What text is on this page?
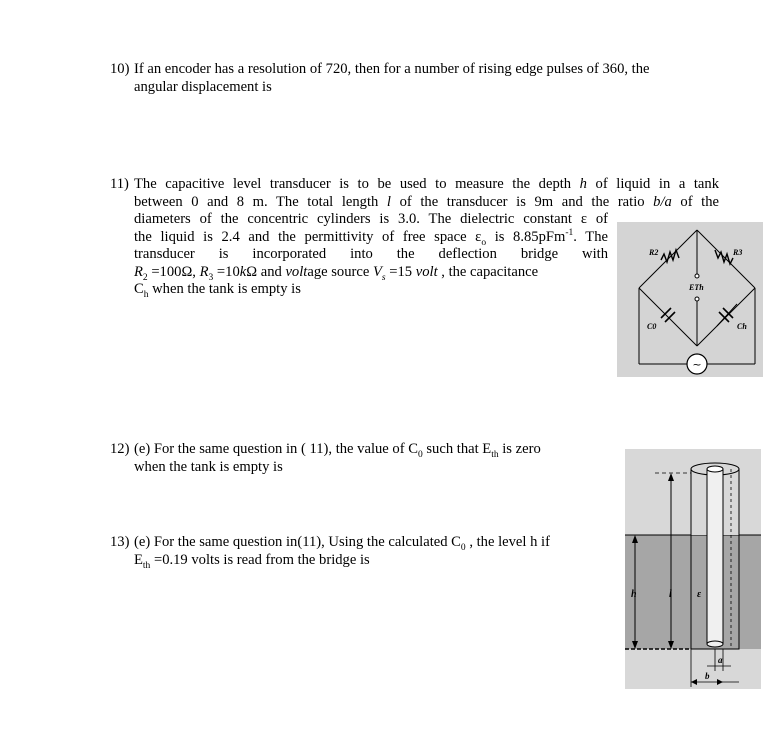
10) If an encoder has a resolution of 720, then for a number of rising edge pulses of 360, the
angular displacement is
11) The capacitive level transducer is to be used to measure the depth h of liquid in a tank
between 0 and 8 m. The total length l of the transducer is 9m and the ratio b/a of the
diameters of the concentric cylinders is 3.0. The dielectric constant ε of
the liquid is 2.4 and the permittivity of free space $\varepsilon_o$ is 8.85pFm$^{-1}$. The
transducer is incorporated into the deflection bridge with
$R_2 =100\Omega$, $R_3 =10k\Omega$ and voltage source $V_s =15$ volt , the capacitance
$C_h$ when the tank is empty is
~
R2	R3
ETh
C0	Ch
12) (e) For the same question in ( 11), the value of $C_0$ such that $E_{th}$ is zero
when the tank is empty is
13) (e) For the same question in(11), Using the calculated $C_0$ , the level h if
$E_{th} =0.19$ volts is read from the bridge is
h	l	ε
a
b
